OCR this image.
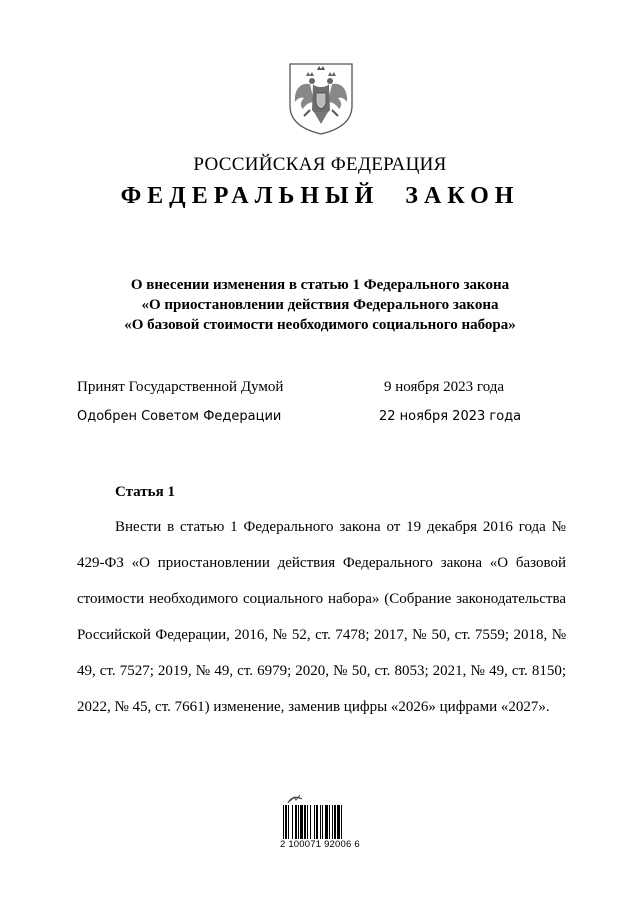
РОССИЙСКАЯ ФЕДЕРАЦИЯ
ФЕДЕРАЛЬНЫЙ ЗАКОН
О внесении изменения в статью 1 Федерального закона
«О приостановлении действия Федерального закона
«О базовой стоимости необходимого социального набора»
Принят Государственной Думой	9 ноября 2023 года
Одобрен Советом Федерации	22 ноября 2023 года
Статья 1

Внести в статью 1 Федерального закона от 19 декабря 2016 года № 429-ФЗ «О приостановлении действия Федерального закона «О базовой стоимости необходимого социального набора» (Собрание законодательства Российской Федерации, 2016, № 52, ст. 7478; 2017, № 50, ст. 7559; 2018, № 49, ст. 7527; 2019, № 49, ст. 6979; 2020, № 50, ст. 8053; 2021, № 49, ст. 8150; 2022, № 45, ст. 7661) изменение, заменив цифры «2026» цифрами «2027».

2 100071 92006 6
